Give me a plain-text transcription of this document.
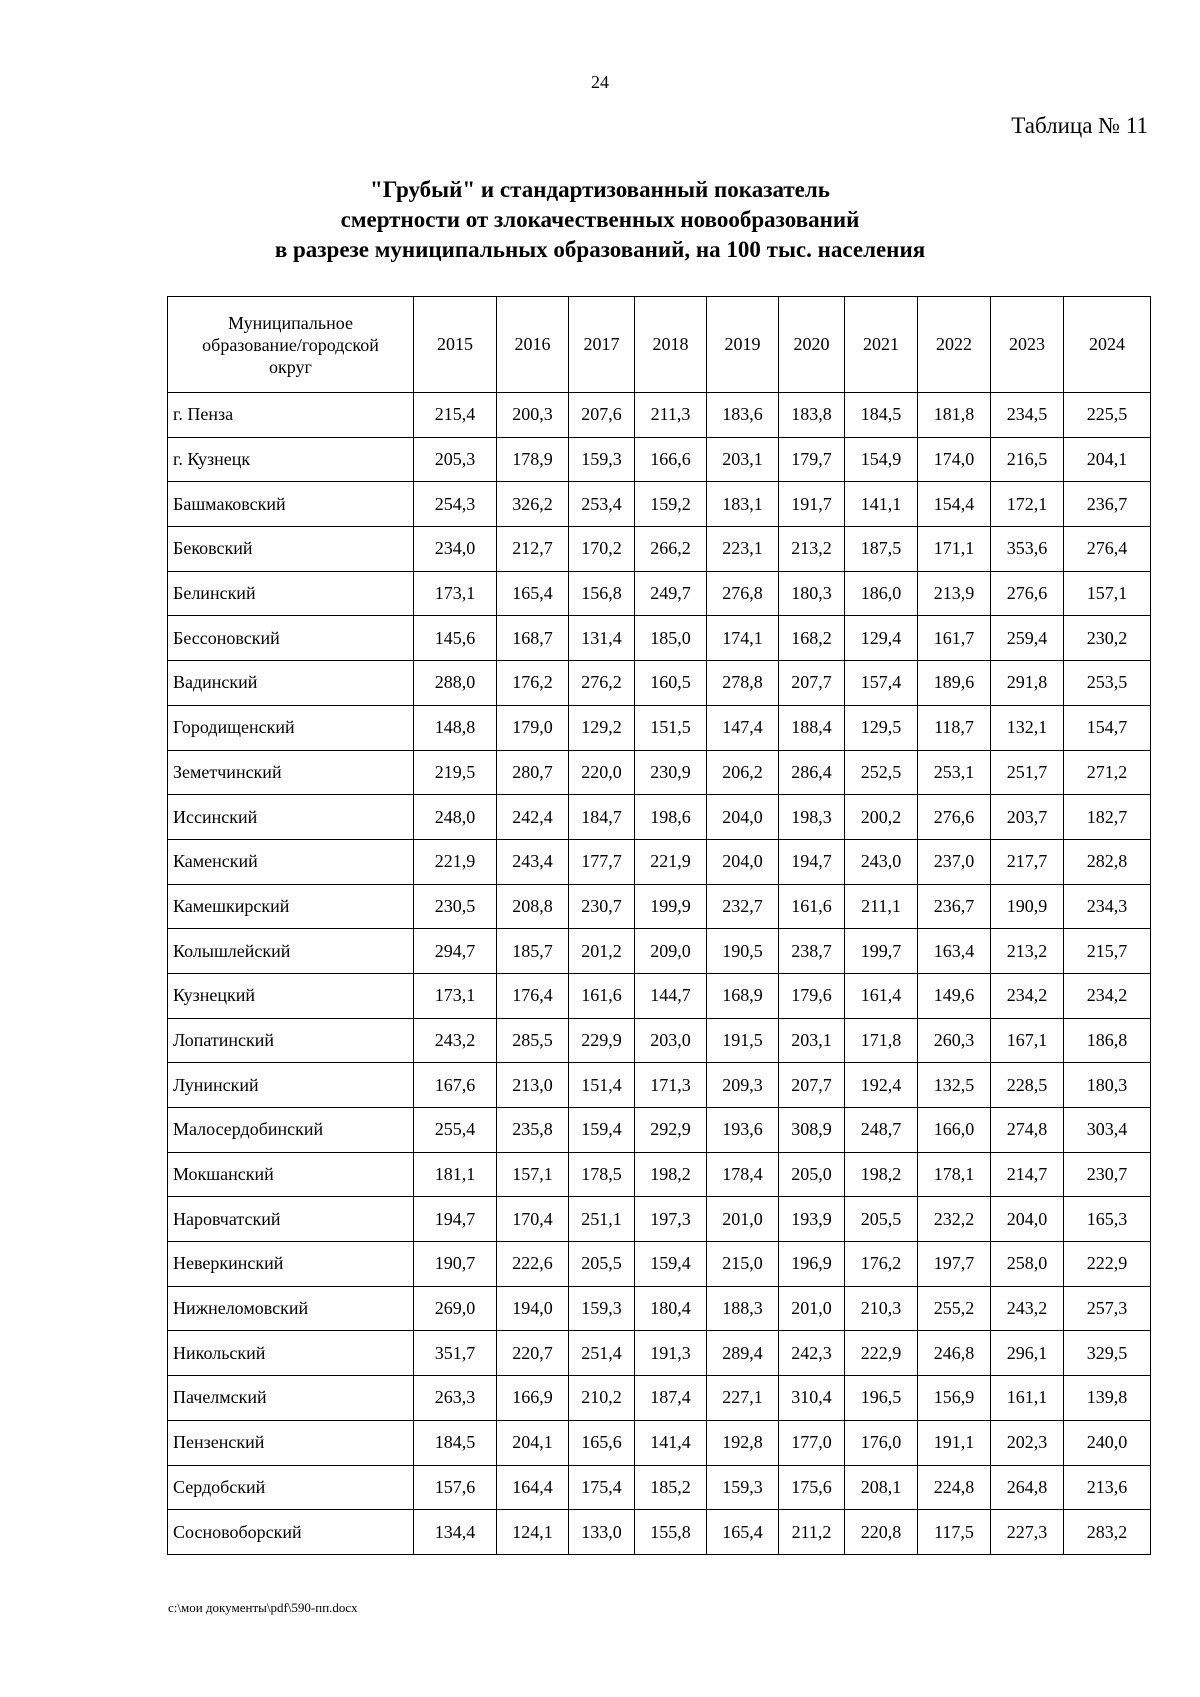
24
Таблица № 11
"Грубый" и стандартизованный показатель
смертности от злокачественных новообразований
в разрезе муниципальных образований, на 100 тыс. населения
Муниципальное
образование/городской
округ	2015	2016	2017	2018	2019	2020	2021	2022	2023	2024
г. Пенза	215,4	200,3	207,6	211,3	183,6	183,8	184,5	181,8	234,5	225,5
г. Кузнецк	205,3	178,9	159,3	166,6	203,1	179,7	154,9	174,0	216,5	204,1
Башмаковский	254,3	326,2	253,4	159,2	183,1	191,7	141,1	154,4	172,1	236,7
Бековский	234,0	212,7	170,2	266,2	223,1	213,2	187,5	171,1	353,6	276,4
Белинский	173,1	165,4	156,8	249,7	276,8	180,3	186,0	213,9	276,6	157,1
Бессоновский	145,6	168,7	131,4	185,0	174,1	168,2	129,4	161,7	259,4	230,2
Вадинский	288,0	176,2	276,2	160,5	278,8	207,7	157,4	189,6	291,8	253,5
Городищенский	148,8	179,0	129,2	151,5	147,4	188,4	129,5	118,7	132,1	154,7
Земетчинский	219,5	280,7	220,0	230,9	206,2	286,4	252,5	253,1	251,7	271,2
Иссинский	248,0	242,4	184,7	198,6	204,0	198,3	200,2	276,6	203,7	182,7
Каменский	221,9	243,4	177,7	221,9	204,0	194,7	243,0	237,0	217,7	282,8
Камешкирский	230,5	208,8	230,7	199,9	232,7	161,6	211,1	236,7	190,9	234,3
Колышлейский	294,7	185,7	201,2	209,0	190,5	238,7	199,7	163,4	213,2	215,7
Кузнецкий	173,1	176,4	161,6	144,7	168,9	179,6	161,4	149,6	234,2	234,2
Лопатинский	243,2	285,5	229,9	203,0	191,5	203,1	171,8	260,3	167,1	186,8
Лунинский	167,6	213,0	151,4	171,3	209,3	207,7	192,4	132,5	228,5	180,3
Малосердобинский	255,4	235,8	159,4	292,9	193,6	308,9	248,7	166,0	274,8	303,4
Мокшанский	181,1	157,1	178,5	198,2	178,4	205,0	198,2	178,1	214,7	230,7
Наровчатский	194,7	170,4	251,1	197,3	201,0	193,9	205,5	232,2	204,0	165,3
Неверкинский	190,7	222,6	205,5	159,4	215,0	196,9	176,2	197,7	258,0	222,9
Нижнеломовский	269,0	194,0	159,3	180,4	188,3	201,0	210,3	255,2	243,2	257,3
Никольский	351,7	220,7	251,4	191,3	289,4	242,3	222,9	246,8	296,1	329,5
Пачелмский	263,3	166,9	210,2	187,4	227,1	310,4	196,5	156,9	161,1	139,8
Пензенский	184,5	204,1	165,6	141,4	192,8	177,0	176,0	191,1	202,3	240,0
Сердобский	157,6	164,4	175,4	185,2	159,3	175,6	208,1	224,8	264,8	213,6
Сосновоборский	134,4	124,1	133,0	155,8	165,4	211,2	220,8	117,5	227,3	283,2
c:\мои документы\pdf\590-пп.docx
